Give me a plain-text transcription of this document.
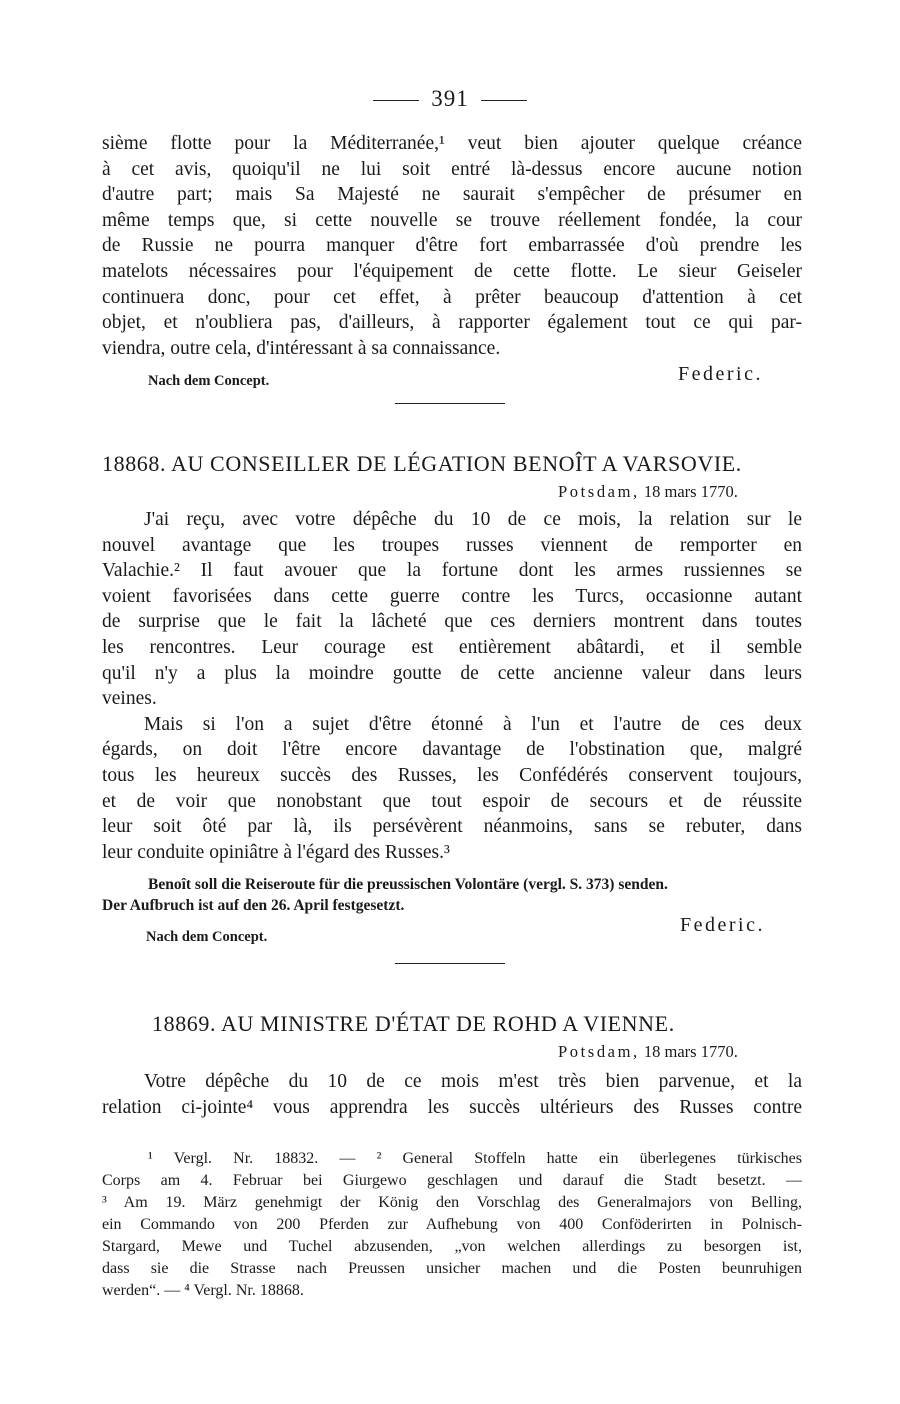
391
sième flotte pour la Méditerranée,¹ veut bien ajouter quelque créance
à cet avis, quoiqu'il ne lui soit entré là-dessus encore aucune notion
d'autre part; mais Sa Majesté ne saurait s'empêcher de présumer en
même temps que, si cette nouvelle se trouve réellement fondée, la cour
de Russie ne pourra manquer d'être fort embarrassée d'où prendre les
matelots nécessaires pour l'équipement de cette flotte. Le sieur Geiseler
continuera donc, pour cet effet, à prêter beaucoup d'attention à cet
objet, et n'oubliera pas, d'ailleurs, à rapporter également tout ce qui par-
viendra, outre cela, d'intéressant à sa connaissance.
Nach dem Concept.	Federic.
18868. AU CONSEILLER DE LÉGATION BENOÎT A VARSOVIE.
Potsdam, 18 mars 1770.
J'ai reçu, avec votre dépêche du 10 de ce mois, la relation sur le
nouvel avantage que les troupes russes viennent de remporter en
Valachie.² Il faut avouer que la fortune dont les armes russiennes se
voient favorisées dans cette guerre contre les Turcs, occasionne autant
de surprise que le fait la lâcheté que ces derniers montrent dans toutes
les rencontres. Leur courage est entièrement abâtardi, et il semble
qu'il n'y a plus la moindre goutte de cette ancienne valeur dans leurs
veines.
Mais si l'on a sujet d'être étonné à l'un et l'autre de ces deux
égards, on doit l'être encore davantage de l'obstination que, malgré
tous les heureux succès des Russes, les Confédérés conservent toujours,
et de voir que nonobstant que tout espoir de secours et de réussite
leur soit ôté par là, ils persévèrent néanmoins, sans se rebuter, dans
leur conduite opiniâtre à l'égard des Russes.³
Benoît soll die Reiseroute für die preussischen Volontäre (vergl. S. 373) senden.
Der Aufbruch ist auf den 26. April festgesetzt.
Nach dem Concept.
Federic.
18869. AU MINISTRE D'ÉTAT DE ROHD A VIENNE.
Potsdam, 18 mars 1770.
Votre dépêche du 10 de ce mois m'est très bien parvenue, et la
relation ci-jointe⁴ vous apprendra les succès ultérieurs des Russes contre
¹ Vergl. Nr. 18832. — ² General Stoffeln hatte ein überlegenes türkisches
Corps am 4. Februar bei Giurgewo geschlagen und darauf die Stadt besetzt. —
³ Am 19. März genehmigt der König den Vorschlag des Generalmajors von Belling,
ein Commando von 200 Pferden zur Aufhebung von 400 Conföderirten in Polnisch-
Stargard, Mewe und Tuchel abzusenden, „von welchen allerdings zu besorgen ist,
dass sie die Strasse nach Preussen unsicher machen und die Posten beunruhigen
werden“. — ⁴ Vergl. Nr. 18868.
